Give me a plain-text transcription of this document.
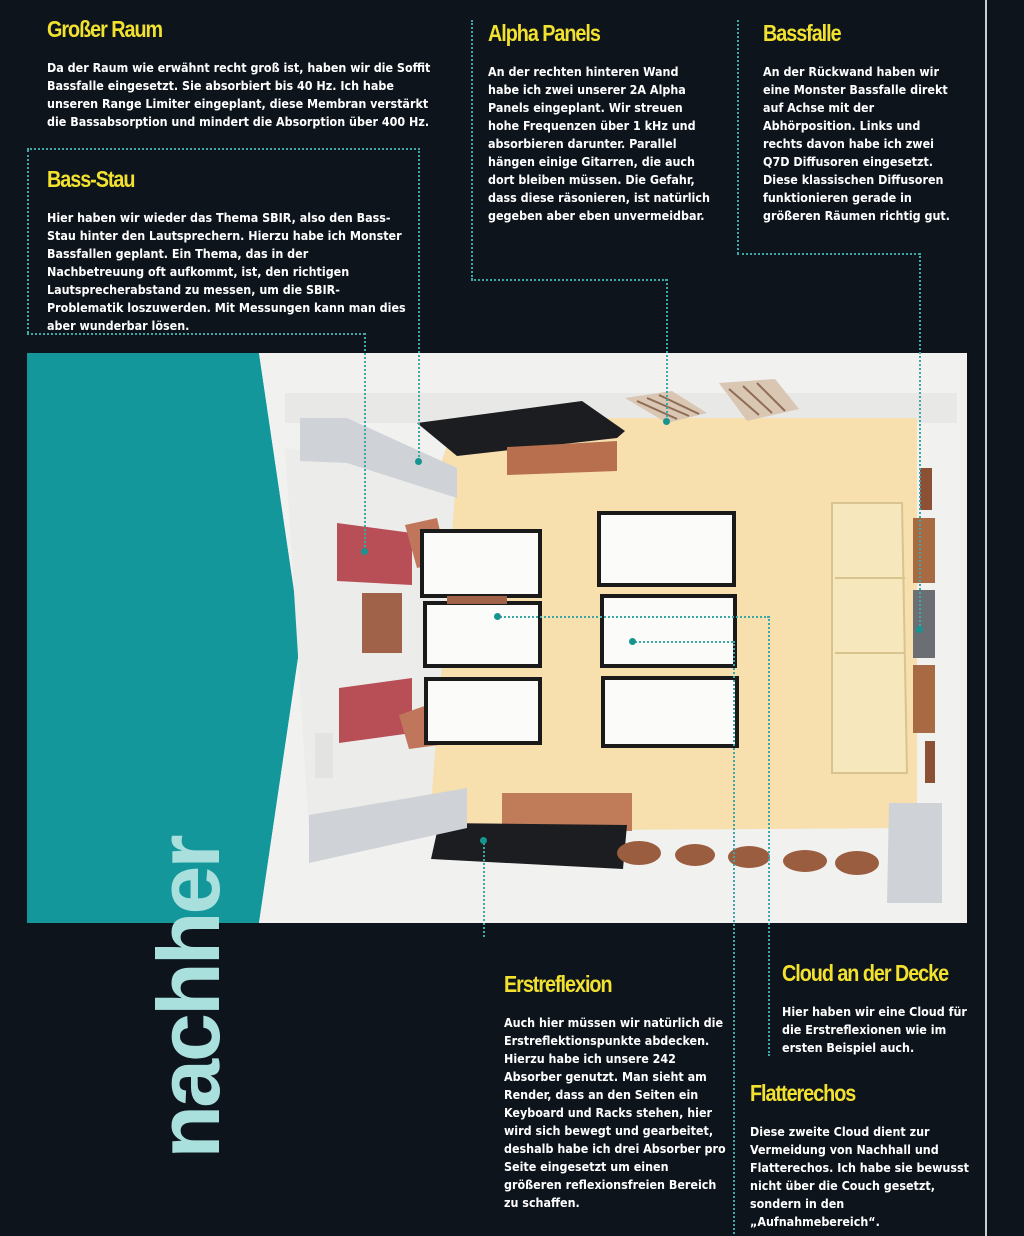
Großer Raum

Da der Raum wie erwähnt recht groß ist, haben wir die Soffit Bassfalle eingesetzt. Sie absorbiert bis 40 Hz. Ich habe unseren Range Limiter eingeplant, diese Membran verstärkt die Bassabsorption und mindert die Absorption über 400 Hz.

Bass-Stau

Hier haben wir wieder das Thema SBIR, also den Bass-Stau hinter den Lautsprechern. Hierzu habe ich Monster Bassfallen geplant. Ein Thema, das in der Nachbetreuung oft aufkommt, ist, den richtigen Lautsprecherabstand zu messen, um die SBIR-Problematik loszuwerden. Mit Messungen kann man dies aber wunderbar lösen.

Alpha Panels

An der rechten hinteren Wand habe ich zwei unserer 2A Alpha Panels eingeplant. Wir streuen hohe Frequenzen über 1 kHz und absorbieren darunter. Parallel hängen einige Gitarren, die auch dort bleiben müssen. Die Gefahr, dass diese räsonieren, ist natürlich gegeben aber eben unvermeidbar.

Bassfalle

An der Rückwand haben wir eine Monster Bassfalle direkt auf Achse mit der Abhörposition. Links und rechts davon habe ich zwei Q7D Diffusoren eingesetzt. Diese klassischen Diffusoren funktionieren gerade in größeren Räumen richtig gut.

Erstreflexion

Auch hier müssen wir natürlich die Erstreflektionspunkte abdecken. Hierzu habe ich unsere 242 Absorber genutzt. Man sieht am Render, dass an den Seiten ein Keyboard und Racks stehen, hier wird sich bewegt und gearbeitet, deshalb habe ich drei Absorber pro Seite eingesetzt um einen größeren reflexionsfreien Bereich zu schaffen.

Cloud an der Decke

Hier haben wir eine Cloud für die Erstreflexionen wie im ersten Beispiel auch.

Flatterechos

Diese zweite Cloud dient zur Vermeidung von Nachhall und Flatterechos. Ich habe sie bewusst nicht über die Couch gesetzt, sondern in den „Aufnahmebereich“.

nachher
